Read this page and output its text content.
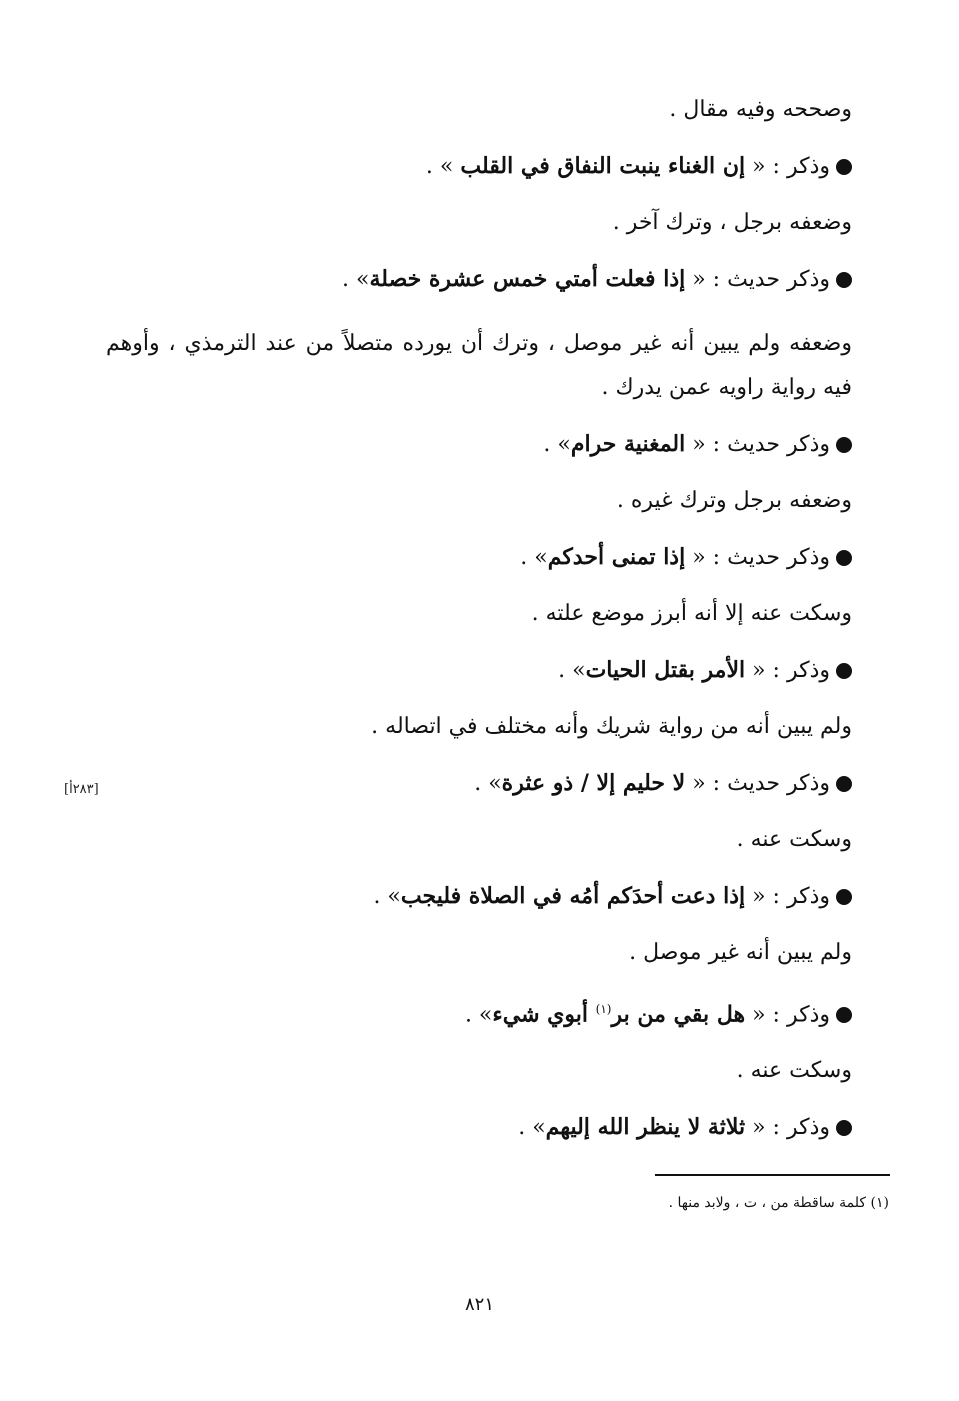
وصححه وفيه مقال .

وذكر : « إن الغناء ينبت النفاق في القلب » .

وضعفه برجل ، وترك آخر .

وذكر حديث : « إذا فعلت أمتي خمس عشرة خصلة» .

وضعفه ولم يبين أنه غير موصل ، وترك أن يورده متصلاً من عند الترمذي ، وأوهم فيه رواية راويه عمن يدرك .

وذكر حديث : « المغنية حرام» .

وضعفه برجل وترك غيره .

وذكر حديث : « إذا تمنى أحدكم» .

وسكت عنه إلا أنه أبرز موضع علته .

وذكر : « الأمر بقتل الحيات» .

ولم يبين أنه من رواية شريك وأنه مختلف في اتصاله .

وذكر حديث : « لا حليم إلا / ذو عثرة» .

وسكت عنه .

وذكر : « إذا دعت أحدَكم أمُه في الصلاة فليجب» .

ولم يبين أنه غير موصل .

وذكر : « هل بقي من بر$^{(١)}$ أبوي شيء» .

وسكت عنه .

وذكر : « ثلاثة لا ينظر الله إليهم» .

[٢٨٣أ]
(١) كلمة ساقطة من ، ت ، ولابد منها .
٨٢١
